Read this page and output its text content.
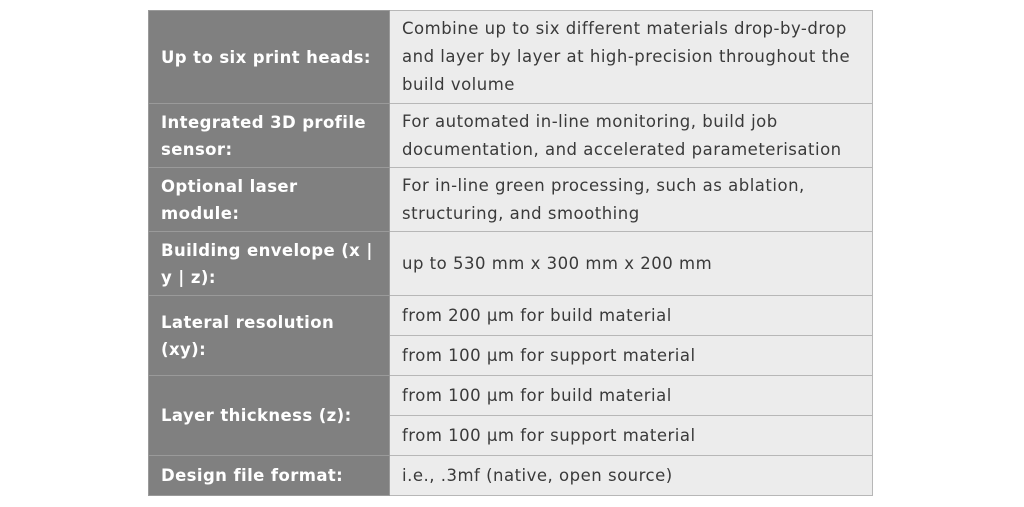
Up to six print heads:	Combine up to six different materials drop-by-drop and layer by layer at high-precision throughout the build volume
Integrated 3D profile sensor:	For automated in-line monitoring, build job documentation, and accelerated parameterisation
Optional laser module:	For in-line green processing, such as ablation, structuring, and smoothing
Building envelope (x | y | z):	up to 530 mm x 300 mm x 200 mm
Lateral resolution (xy):	from 200 µm for build material
	from 100 µm for support material
Layer thickness (z):	from 100 µm for build material
	from 100 µm for support material
Design file format:	i.e., .3mf (native, open source)
